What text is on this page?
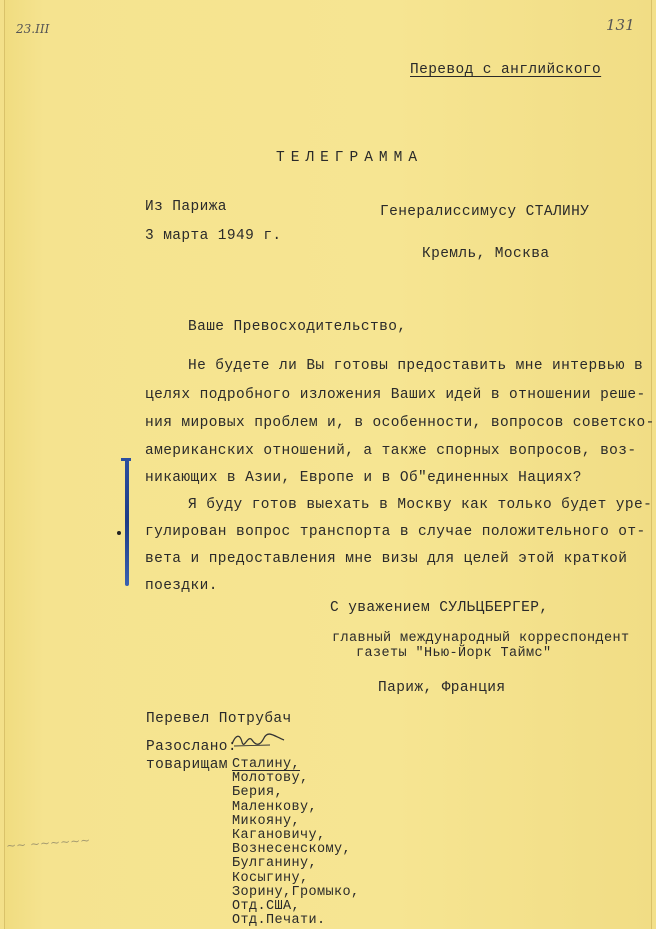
23.III	131
Перевод с английского
ТЕЛЕГРАММА
Из Парижа
3 марта 1949 г.
Генералиссимусу СТАЛИНУ
Кремль, Москва
Ваше Превосходительство,
Не будете ли Вы готовы предоставить мне интервью в
целях подробного изложения Ваших идей в отношении реше-
ния мировых проблем и, в особенности, вопросов советско-
американских отношений, а также спорных вопросов, воз-
никающих в Азии, Европе и в Об"единенных Нациях?
Я буду готов выехать в Москву как только будет уре-
гулирован вопрос транспорта в случае положительного от-
вета и предоставления мне визы для целей этой краткой
поездки.
С уважением СУЛЬЦБЕРГЕР,
главный международный корреспондент
газеты "Нью-Йорк Таймс"
Париж, Франция
Перевел Потрубач
Разослано:
товарищам Сталину,
Молотову,
Берия,
Маленкову,
Микояну,
Кагановичу,
Вознесенскому,
Булганину,
Косыгину,
Зорину,Громыко,
Отд.США,
Отд.Печати.
~~ ~~~~~~
